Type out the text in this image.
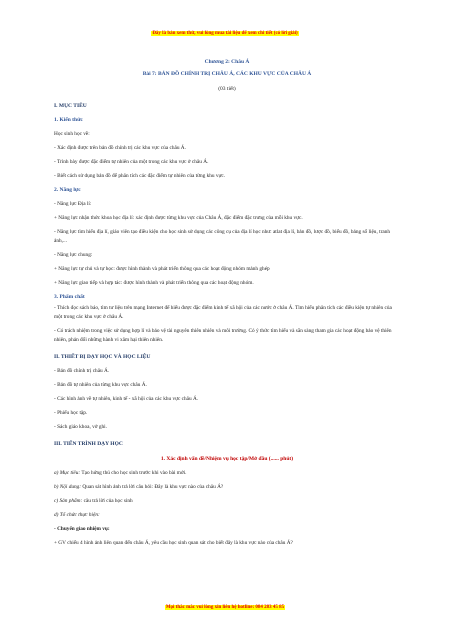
Đây là bản xem thử, vui lòng mua tài liệu để xem chi tiết (có lời giải)

Chương 2: Châu Á

Bài 7: BẢN ĐỒ CHÍNH TRỊ CHÂU Á, CÁC KHU VỰC CỦA CHÂU Á

(03 tiết)

I. MỤC TIÊU

1. Kiến thức

Học sinh học về:

- Xác định được trên bản đồ chính trị các khu vực của châu Á.

- Trình bày được đặc điểm tự nhiên của một trong các khu vực ở châu Á.

- Biết cách sử dụng bản đồ để phân tích các đặc điểm tự nhiên của từng khu vực.

2. Năng lực

- Năng lực Địa lí:

+ Năng lực nhận thức khoa học địa lí: xác định được từng khu vực của Châu Á, đặc điểm đặc trưng của mỗi khu vực.

- Năng lực tìm hiểu địa lí, giáo viên tạo điều kiện cho học sinh sử dụng các công cụ của địa lí học như: atlat địa lí, bản đồ, lược đồ, biểu đồ, bảng số liệu, tranh ảnh,...

- Năng lực chung:

+ Năng lực tự chủ và tự học: được hình thành và phát triển thông qua các hoạt động nhóm mảnh ghép

+ Năng lực giao tiếp và hợp tác: được hình thành và phát triển thông qua các hoạt động nhóm.

3. Phẩm chất

- Thích đọc sách báo, tìm tư liệu trên mạng Internet để hiểu được đặc điểm kinh tế xã hội của các nước ở châu Á. Tìm hiểu phân tích các điều kiện tự nhiên của một trong các khu vực ở châu Á.

- Có trách nhiệm trong việc sử dụng hợp lí và bảo vệ tài nguyên thiên nhiên và môi trường. Có ý thức tìm hiểu và sẵn sàng tham gia các hoạt động bảo vệ thiên nhiên, phản đối những hành vi xâm hại thiên nhiên.

II. THIẾT BỊ DẠY HỌC VÀ HỌC LIỆU

- Bản đồ chính trị châu Á.

- Bản đồ tự nhiên của từng khu vực châu Á.

- Các hình ảnh về tự nhiên, kinh tế - xã hội của các khu vực châu Á.

- Phiếu học tập.

- Sách giáo khoa, vở ghi.

III. TIẾN TRÌNH DẠY HỌC

1. Xác định vấn đề/Nhiệm vụ học tập/Mở đầu (...... phút)

a) Mục tiêu: Tạo hứng thú cho học sinh trước khi vào bài mới.

b) Nội dung: Quan sát hình ảnh trả lời câu hỏi: Đây là khu vực nào của châu Á?

c) Sản phẩm: câu trả lời của học sinh

d) Tổ chức thực hiện:

- Chuyển giao nhiệm vụ:

+ GV chiếu 4 hình ảnh liên quan đến châu Á, yêu cầu học sinh quan sát cho biết đây là khu vực nào của châu Á?

Mọi thắc mắc vui lòng xin liên hệ hotline: 084 283 45 85
